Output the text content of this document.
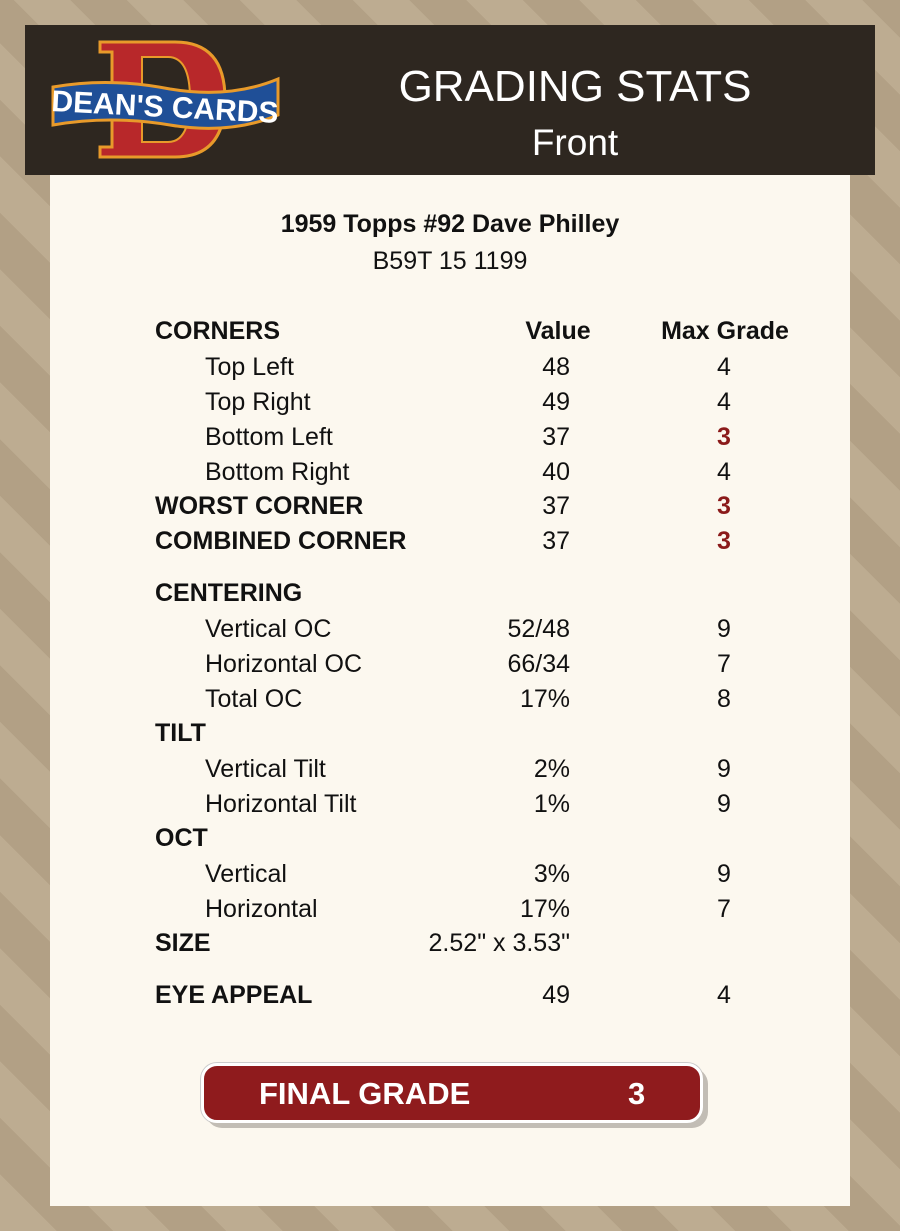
DEAN'S CARDS	GRADING STATS
Front
1959 Topps #92 Dave Philley
B59T 15 1199
CORNERS	Value	Max Grade
Top Left	48	4
Top Right	49	4
Bottom Left	37	3
Bottom Right	40	4
WORST CORNER	37	3
COMBINED CORNER	37	3
CENTERING
Vertical OC	52/48	9
Horizontal OC	66/34	7
Total OC	17%	8
TILT
Vertical Tilt	2%	9
Horizontal Tilt	1%	9
OCT
Vertical	3%	9
Horizontal	17%	7
SIZE	2.52" x 3.53"
EYE APPEAL	49	4
FINAL GRADE	3
